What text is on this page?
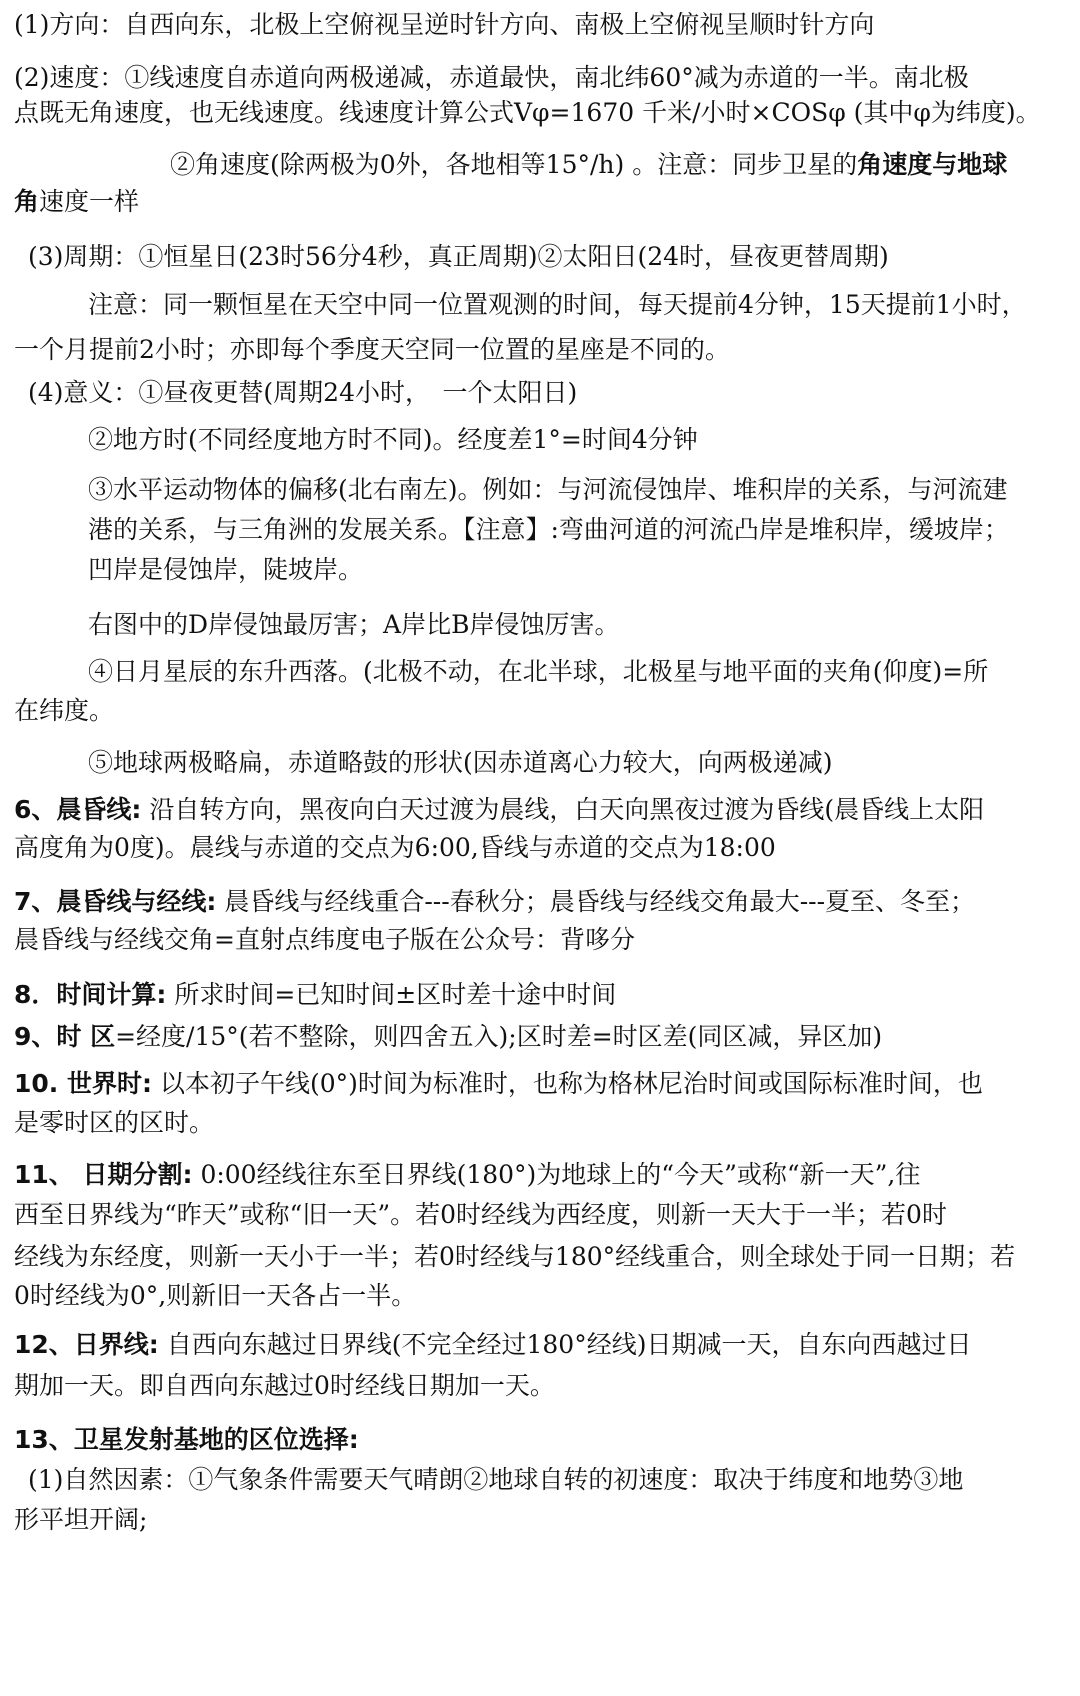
(1)方向：自西向东，北极上空俯视呈逆时针方向、南极上空俯视呈顺时针方向
(2)速度：①线速度自赤道向两极递减，赤道最快，南北纬60°减为赤道的一半。南北极
点既无角速度，也无线速度。线速度计算公式Vφ=1670 千米/小时×COSφ (其中φ为纬度)。
②角速度(除两极为0外，各地相等15°/h) 。注意：同步卫星的角速度与地球
角速度一样
(3)周期：①恒星日(23时56分4秒，真正周期)②太阳日(24时，昼夜更替周期)
注意：同一颗恒星在天空中同一位置观测的时间，每天提前4分钟，15天提前1小时，
一个月提前2小时；亦即每个季度天空同一位置的星座是不同的。
(4)意义：①昼夜更替(周期24小时，　一个太阳日)
②地方时(不同经度地方时不同)。经度差1°=时间4分钟
③水平运动物体的偏移(北右南左)。例如：与河流侵蚀岸、堆积岸的关系，与河流建
港的关系，与三角洲的发展关系。【注意】:弯曲河道的河流凸岸是堆积岸，缓坡岸；
凹岸是侵蚀岸，陡坡岸。
右图中的D岸侵蚀最厉害；A岸比B岸侵蚀厉害。
④日月星辰的东升西落。(北极不动，在北半球，北极星与地平面的夹角(仰度)=所
在纬度。
⑤地球两极略扁，赤道略鼓的形状(因赤道离心力较大，向两极递减)
6、晨昏线: 沿自转方向，黑夜向白天过渡为晨线，白天向黑夜过渡为昏线(晨昏线上太阳
高度角为0度)。晨线与赤道的交点为6:00,昏线与赤道的交点为18:00
7、晨昏线与经线: 晨昏线与经线重合---春秋分；晨昏线与经线交角最大---夏至、冬至；
晨昏线与经线交角=直射点纬度电子版在公众号：背哆分
8．时间计算: 所求时间=已知时间±区时差十途中时间
9、时 区=经度/15°(若不整除，则四舍五入);区时差=时区差(同区减，异区加)
10. 世界时: 以本初子午线(0°)时间为标准时，也称为格林尼治时间或国际标准时间，也
是零时区的区时。
11、 日期分割: 0:00经线往东至日界线(180°)为地球上的“今天”或称“新一天”,往
西至日界线为“昨天”或称“旧一天”。若0时经线为西经度，则新一天大于一半；若0时
经线为东经度，则新一天小于一半；若0时经线与180°经线重合，则全球处于同一日期；若
0时经线为0°,则新旧一天各占一半。
12、日界线: 自西向东越过日界线(不完全经过180°经线)日期减一天，自东向西越过日
期加一天。即自西向东越过0时经线日期加一天。
13、卫星发射基地的区位选择:
(1)自然因素：①气象条件需要天气晴朗②地球自转的初速度：取决于纬度和地势③地
形平坦开阔;
